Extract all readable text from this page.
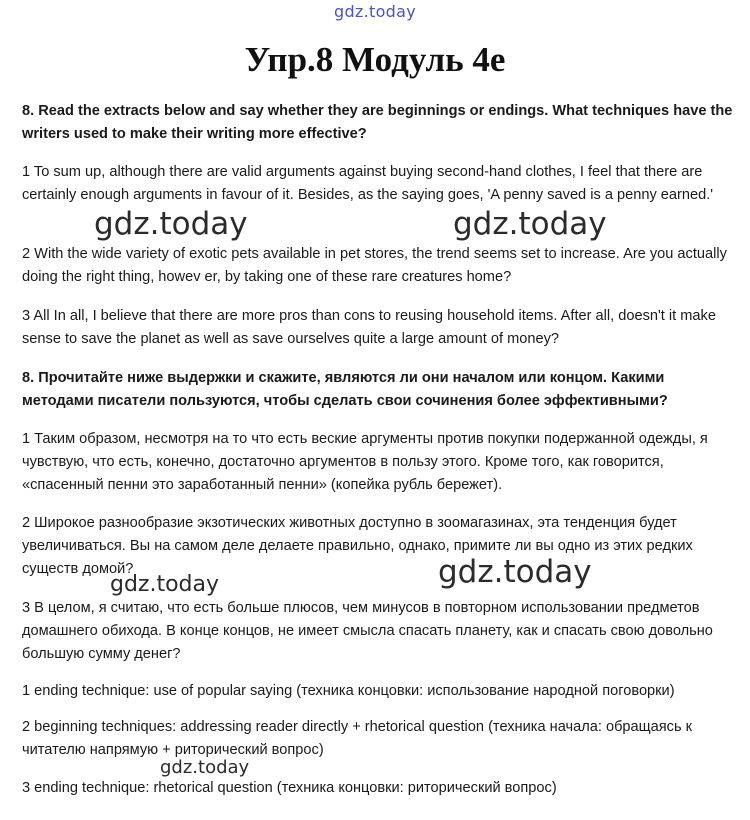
gdz.today
Упр.8 Модуль 4е

8. Read the extracts below and say whether they are beginnings or endings. What techniques have the writers used to make their writing more effective?

1 To sum up, although there are valid arguments against buying second-hand clothes, I feel that there are certainly enough arguments in favour of it. Besides, as the saying goes, 'A penny saved is a penny earned.'

2 With the wide variety of exotic pets available in pet stores, the trend seems set to increase. Are you actually doing the right thing, howev er, by taking one of these rare creatures home?

3 All In all, I believe that there are more pros than cons to reusing household items. After all, doesn't it make sense to save the planet as well as save ourselves quite a large amount of money?

8. Прочитайте ниже выдержки и скажите, являются ли они началом или концом. Какими методами писатели пользуются, чтобы сделать свои сочинения более эффективными?

1 Таким образом, несмотря на то что есть веские аргументы против покупки подержанной одежды, я чувствую, что есть, конечно, достаточно аргументов в пользу этого. Кроме того, как говорится, «спасенный пенни это заработанный пенни» (копейка рубль бережет).

2 Широкое разнообразие экзотических животных доступно в зоомагазинах, эта тенденция будет увеличиваться. Вы на самом деле делаете правильно, однако, примите ли вы одно из этих редких существ домой?

3 В целом, я считаю, что есть больше плюсов, чем минусов в повторном использовании предметов домашнего обихода. В конце концов, не имеет смысла спасать планету, как и спасать свою довольно большую сумму денег?

1 ending technique: use of popular saying (техника концовки: использование народной поговорки)

2 beginning techniques: addressing reader directly + rhetorical question (техника начала: обращаясь к читателю напрямую + риторический вопрос)

3 ending technique: rhetorical question (техника концовки: риторический вопрос)

gdz.today	gdz.today
gdz.today	gdz.today
gdz.today
